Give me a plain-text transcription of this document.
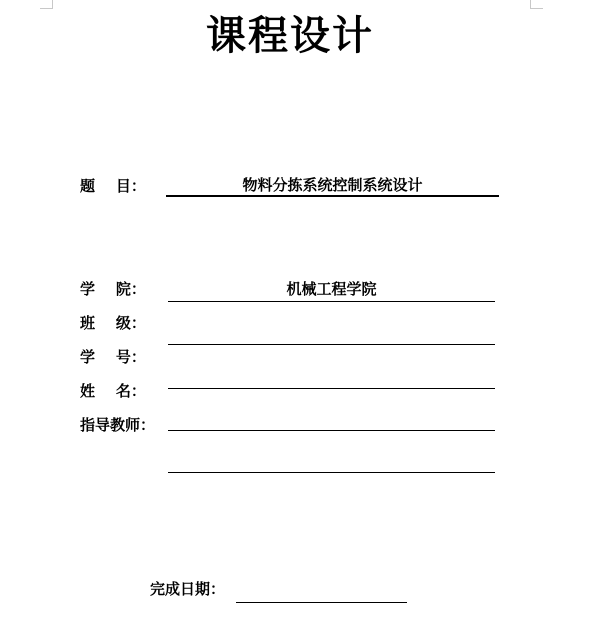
课程设计
题    目：	物料分拣系统控制系统设计
学    院：	机械工程学院
班    级：
学    号：
姓    名：
指导教师：
完成日期：
